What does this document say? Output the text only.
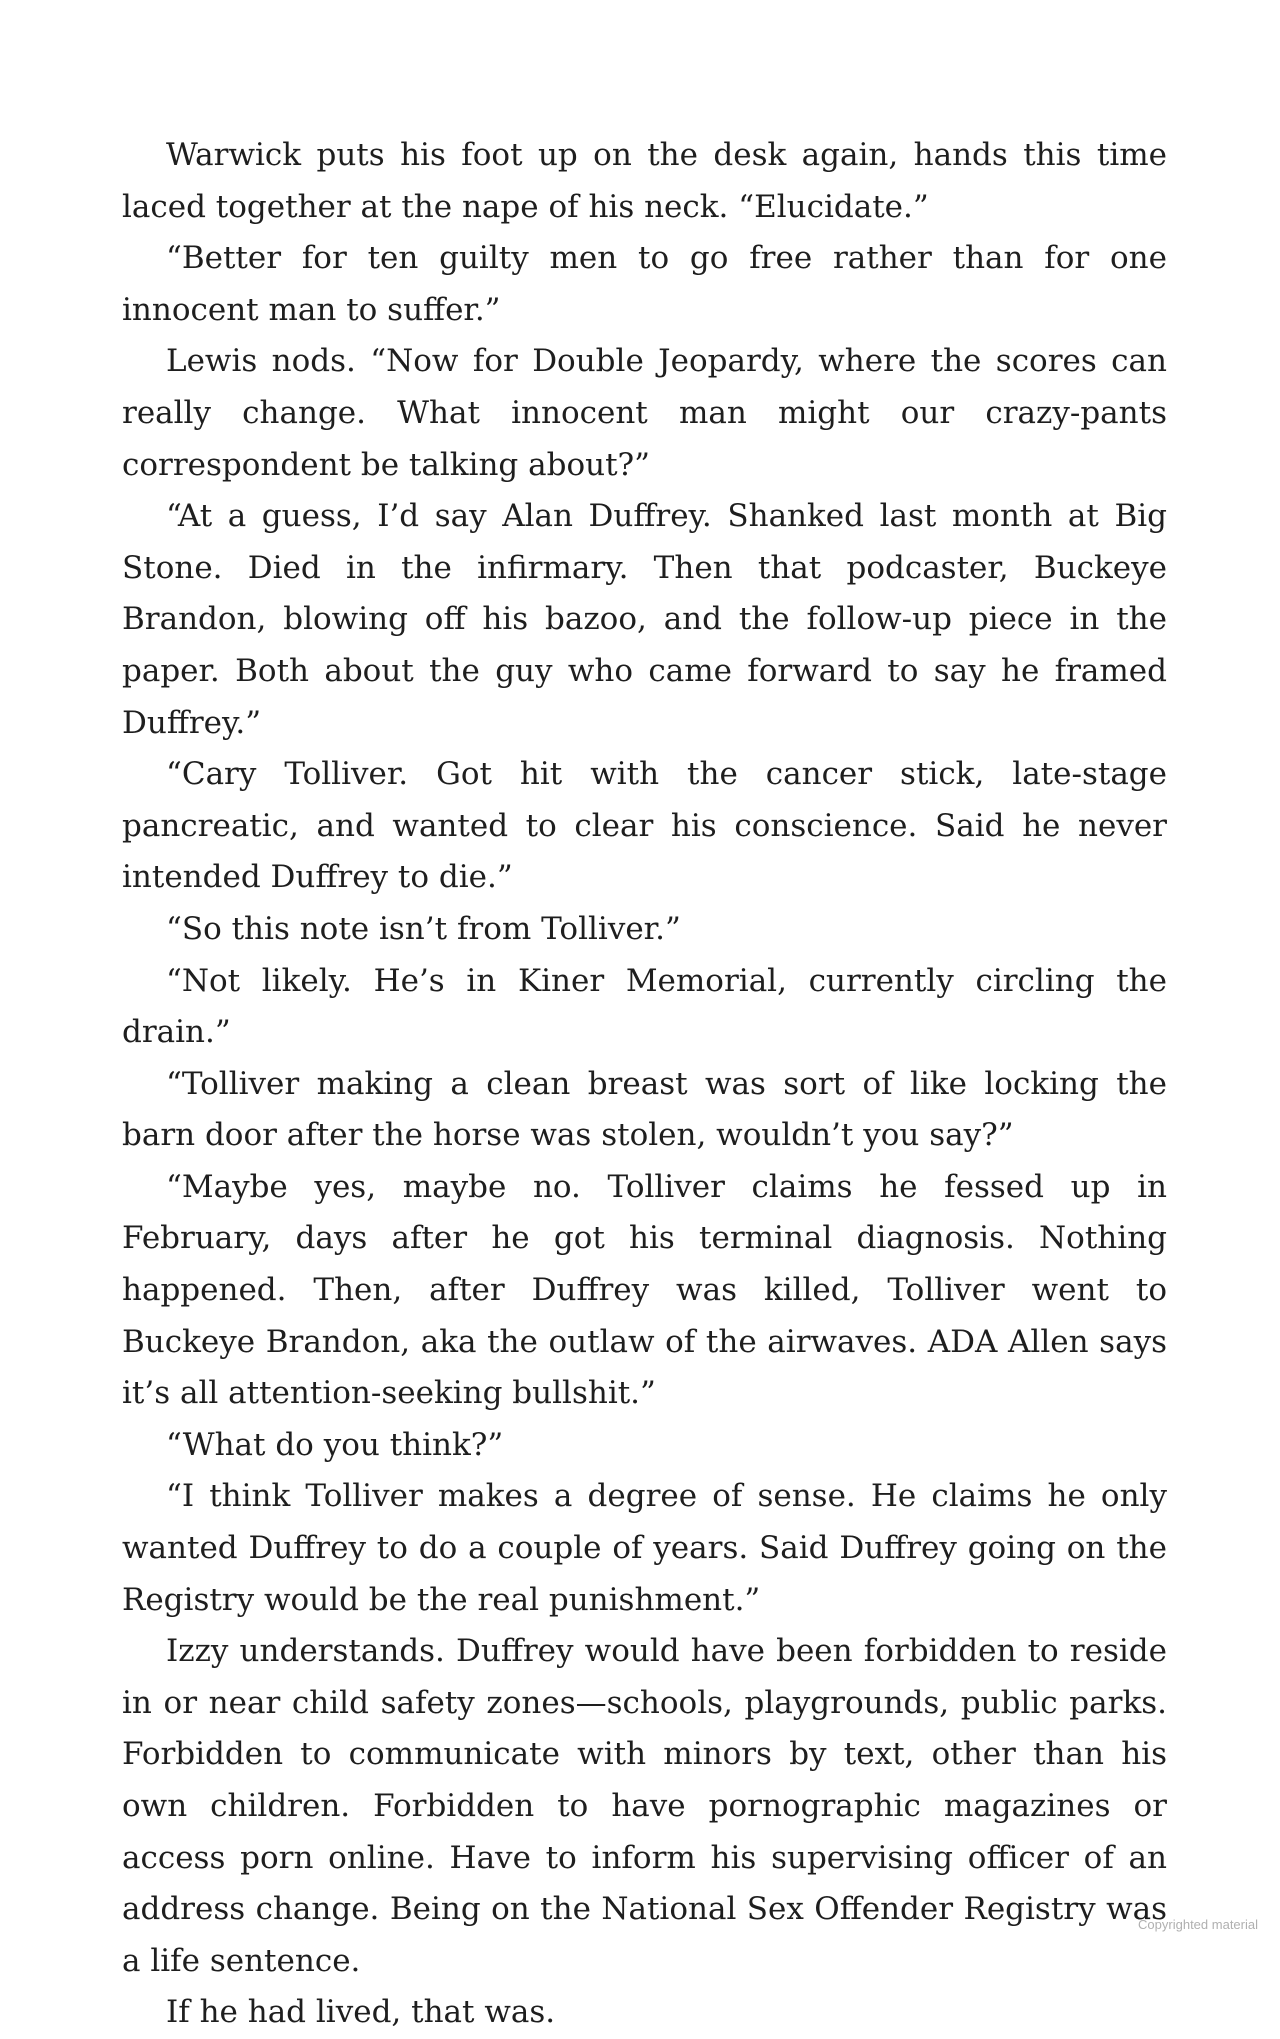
Warwick puts his foot up on the desk again, hands this time laced together at the nape of his neck. “Elucidate.”

“Better for ten guilty men to go free rather than for one innocent man to suffer.”

Lewis nods. “Now for Double Jeopardy, where the scores can really change. What innocent man might our crazy-pants correspondent be talking about?”

“At a guess, I’d say Alan Duffrey. Shanked last month at Big Stone. Died in the infirmary. Then that podcaster, Buckeye Brandon, blowing off his bazoo, and the follow-up piece in the paper. Both about the guy who came forward to say he framed Duffrey.”

“Cary Tolliver. Got hit with the cancer stick, late-stage pancreatic, and wanted to clear his conscience. Said he never intended Duffrey to die.”

“So this note isn’t from Tolliver.”

“Not likely. He’s in Kiner Memorial, currently circling the drain.”

“Tolliver making a clean breast was sort of like locking the barn door after the horse was stolen, wouldn’t you say?”

“Maybe yes, maybe no. Tolliver claims he fessed up in February, days after he got his terminal diagnosis. Nothing happened. Then, after Duffrey was killed, Tolliver went to Buckeye Brandon, aka the outlaw of the airwaves. ADA Allen says it’s all attention-seeking bullshit.”

“What do you think?”

“I think Tolliver makes a degree of sense. He claims he only wanted Duffrey to do a couple of years. Said Duffrey going on the Registry would be the real punishment.”

Izzy understands. Duffrey would have been forbidden to reside in or near child safety zones—schools, playgrounds, public parks. Forbidden to communicate with minors by text, other than his own children. Forbidden to have pornographic magazines or access porn online. Have to inform his supervising officer of an address change. Being on the National Sex Offender Registry was a life sentence.

If he had lived, that was.

Copyrighted material
